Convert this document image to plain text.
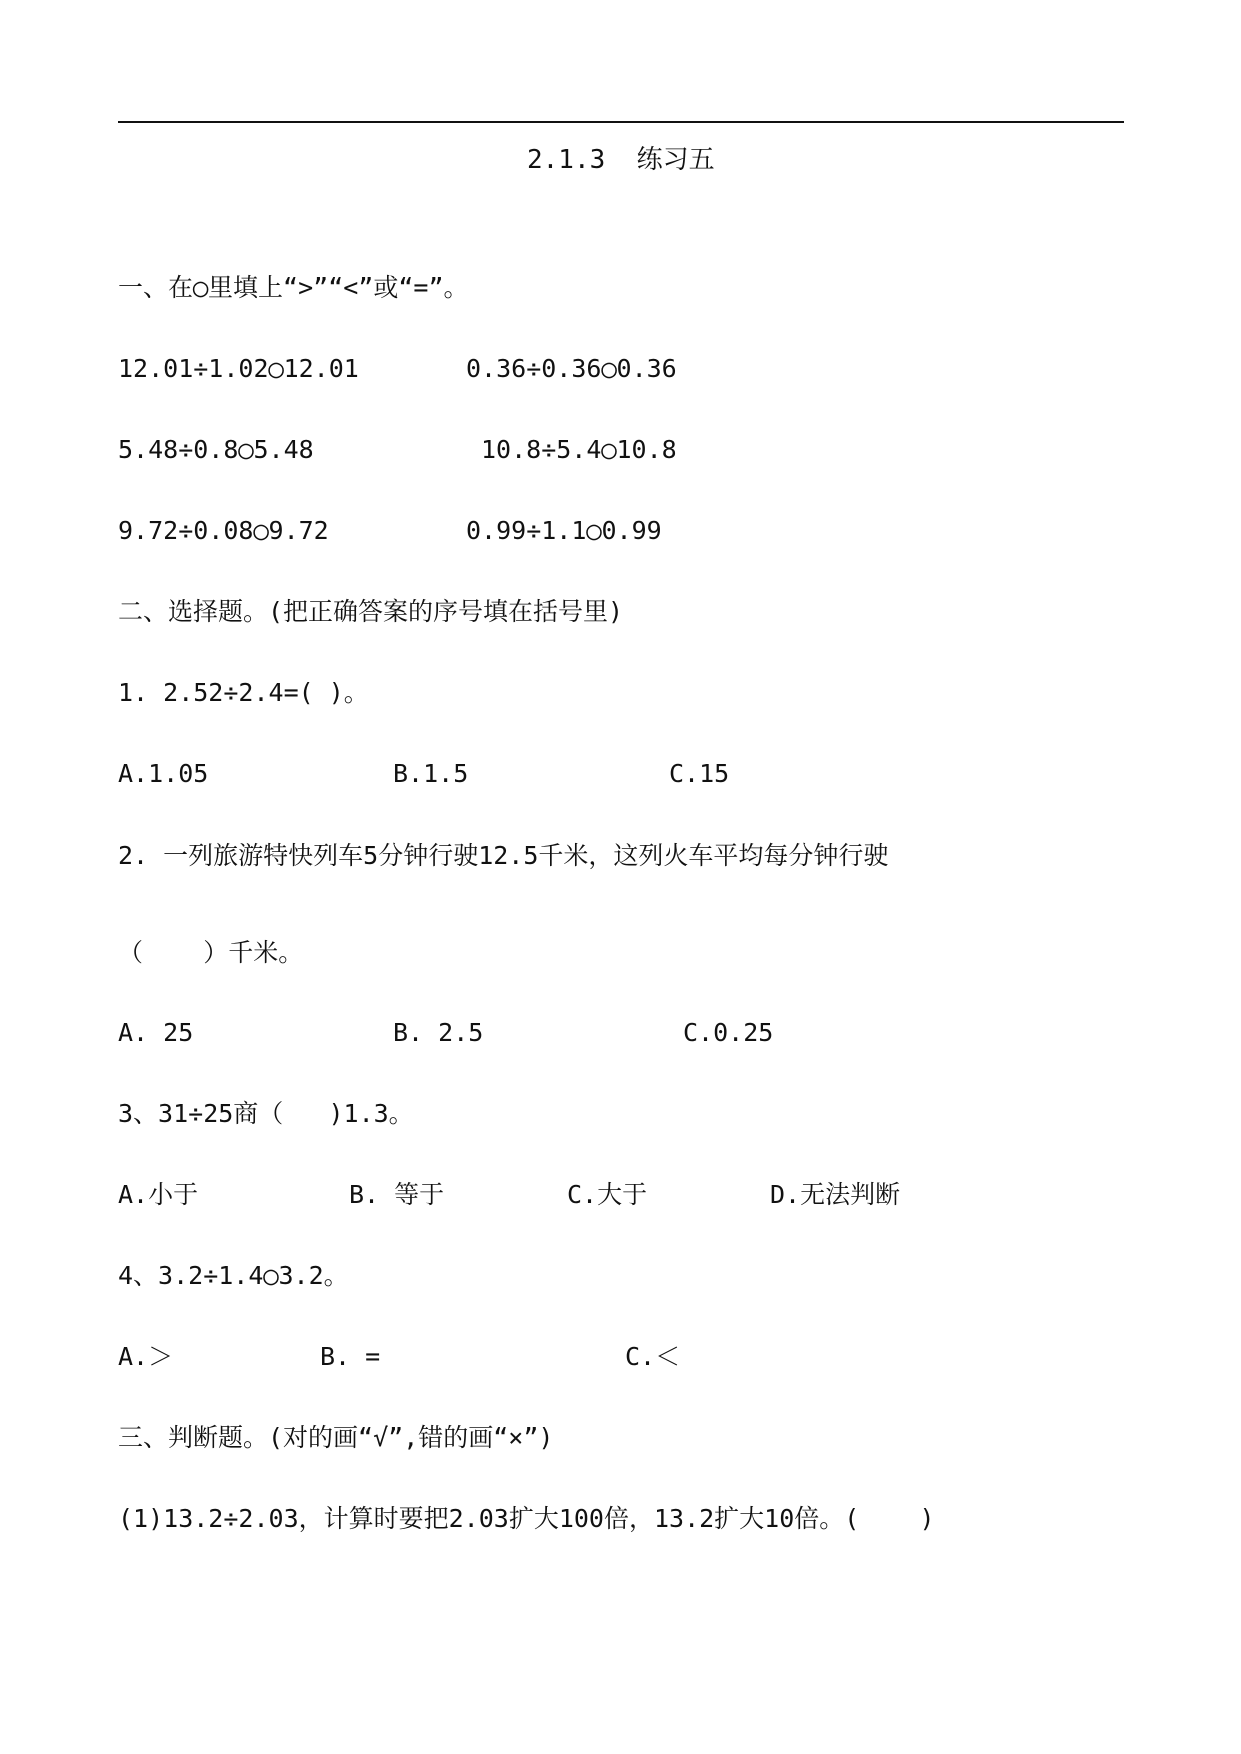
2.1.3  练习五
一、在◯里填上“>”“<”或“=”。
12.01÷1.02◯12.01	0.36÷0.36◯0.36
5.48÷0.8◯5.48	10.8÷5.4◯10.8
9.72÷0.08◯9.72	0.99÷1.1◯0.99
二、选择题。(把正确答案的序号填在括号里)
1. 2.52÷2.4=( )。
A.1.05	B.1.5	C.15
2. 一列旅游特快列车5分钟行驶12.5千米，这列火车平均每分钟行驶
（    ）千米。
A. 25	B. 2.5	C.0.25
3、31÷25商（   )1.3。
A.小于	B. 等于	C.大于	D.无法判断
4、3.2÷1.4◯3.2。
A.＞	B. =	C.＜
三、判断题。(对的画“√”,错的画“×”)
(1)13.2÷2.03，计算时要把2.03扩大100倍，13.2扩大10倍。(    )
